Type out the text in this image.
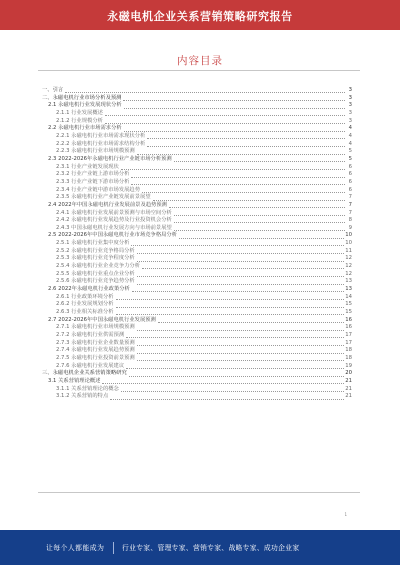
永磁电机企业关系营销策略研究报告
内容目录
一、引言	3
二、永磁电机行业市场分析及预测	3
2.1 永磁电机行业发展现状分析	3
2.1.1 行业发展概述	3
2.1.2 行业规模分析	3
2.2 永磁电机行业市场需求分析	4
2.2.1 永磁电机行业市场需求现状分析	4
2.2.2 永磁电机行业市场需求结构分析	4
2.2.3 永磁电机行业市场规模预测	5
2.3 2022-2026年永磁电机行业产业链市场分析预测	5
2.3.1 行业产业链发展现状	6
2.3.2 行业产业链上游市场分析	6
2.3.3 行业产业链下游市场分析	6
2.3.4 行业产业链中游市场发展趋势	6
2.3.5 永磁电机行业产业链发展前景展望	7
2.4 2022年中国永磁电机行业发展前景及趋势预测	7
2.4.1 永磁电机行业发展前景预测与市场空间分析	7
2.4.2 永磁电机行业发展趋势及行业投资机会分析	8
2.4.3 中国永磁电机行业发展方向与市场前景展望	9
2.5 2022-2026年中国永磁电机行业市场竞争格局分析	10
2.5.1 永磁电机行业集中度分析	10
2.5.2 永磁电机行业竞争格局分析	11
2.5.3 永磁电机行业竞争程度分析	12
2.5.4 永磁电机行业企业竞争力分析	12
2.5.5 永磁电机行业重点企业分析	12
2.5.6 永磁电机行业竞争趋势分析	13
2.6 2022年永磁电机行业政策分析	13
2.6.1 行业政策环境分析	14
2.6.2 行业发展规划分析	15
2.6.3 行业相关标准分析	15
2.7 2022-2026年中国永磁电机行业发展预测	16
2.7.1 永磁电机行业市场规模预测	16
2.7.2 永磁电机行业供需预测	17
2.7.3 永磁电机行业企业数量预测	17
2.7.4 永磁电机行业发展趋势预测	18
2.7.5 永磁电机行业投资前景预测	18
2.7.6 永磁电机行业发展建议	19
三、永磁电机企业关系营销策略研究	20
3.1 关系营销理论概述	21
3.1.1 关系营销理论的概念	21
3.1.2 关系营销的特点	21
1
让每个人都能成为	行业专家、管理专家、营销专家、战略专家、成功企业家
